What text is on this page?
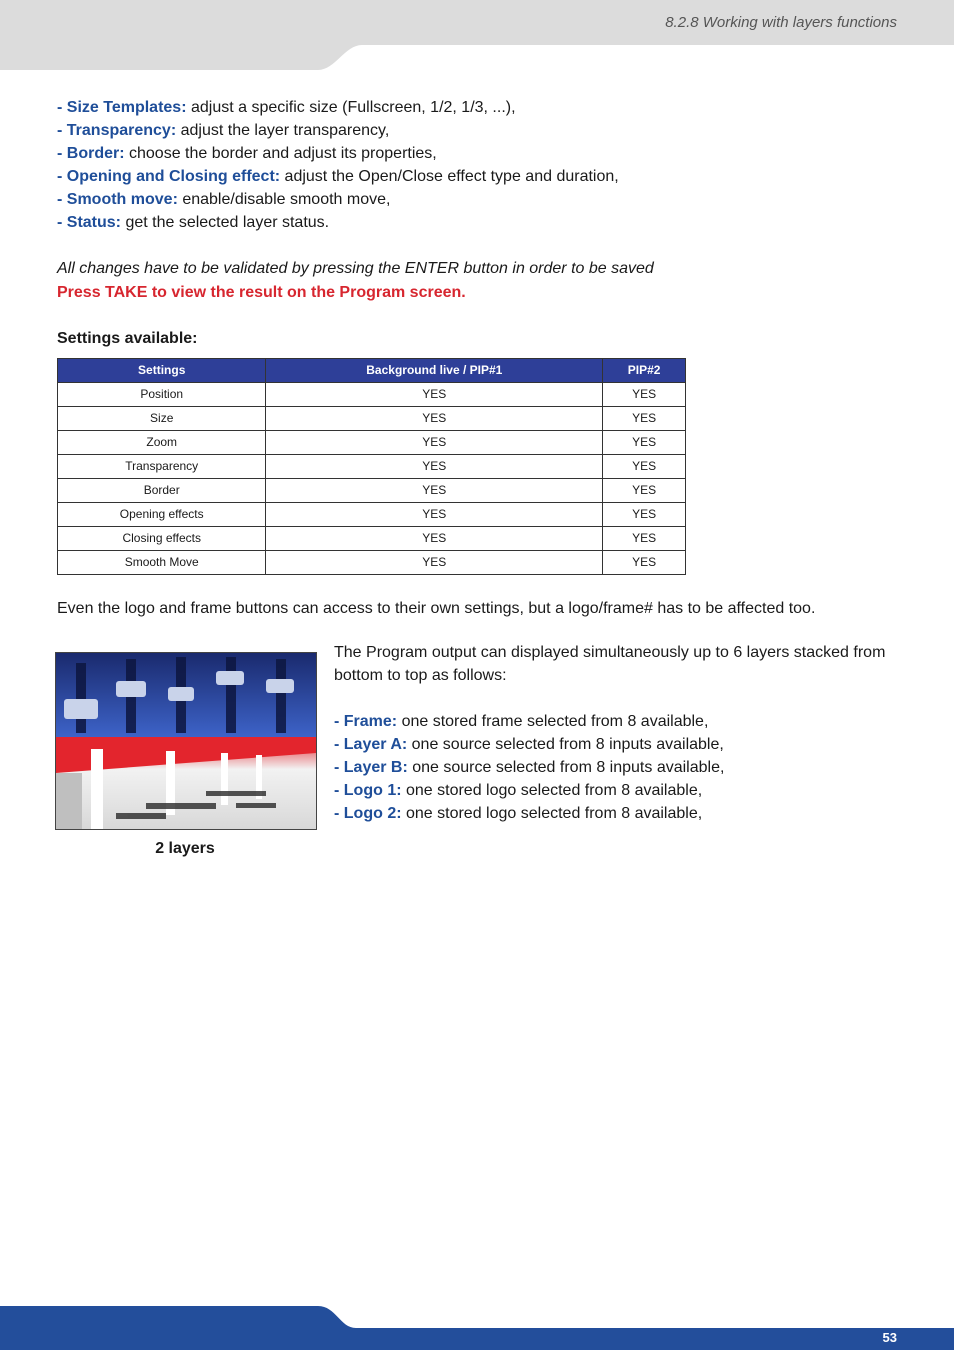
8.2.8 Working with layers functions

- Size Templates: adjust a specific size (Fullscreen, 1/2, 1/3, ...),

- Transparency: adjust the layer transparency,

- Border: choose the border and adjust its properties,

- Opening and Closing effect: adjust the Open/Close effect type and duration,

- Smooth move: enable/disable smooth move,

- Status: get the selected layer status.

All changes have to be validated by pressing the ENTER button in order to be saved

Press TAKE to view the result on the Program screen.

Settings available:

Settings	Background live / PIP#1	PIP#2
Position	YES	YES
Size	YES	YES
Zoom	YES	YES
Transparency	YES	YES
Border	YES	YES
Opening effects	YES	YES
Closing effects	YES	YES
Smooth Move	YES	YES

Even the logo and frame buttons can access to their own settings, but a logo/frame# has to be affected too.

2 layers

The Program output can displayed simultaneously up to 6 layers stacked from bottom to top as follows:

- Frame: one stored frame selected from 8 available,

- Layer A: one source selected from 8 inputs available,

- Layer B: one source selected from 8 inputs available,

- Logo 1: one stored logo selected from 8 available,

- Logo 2: one stored logo selected from 8 available,

53
